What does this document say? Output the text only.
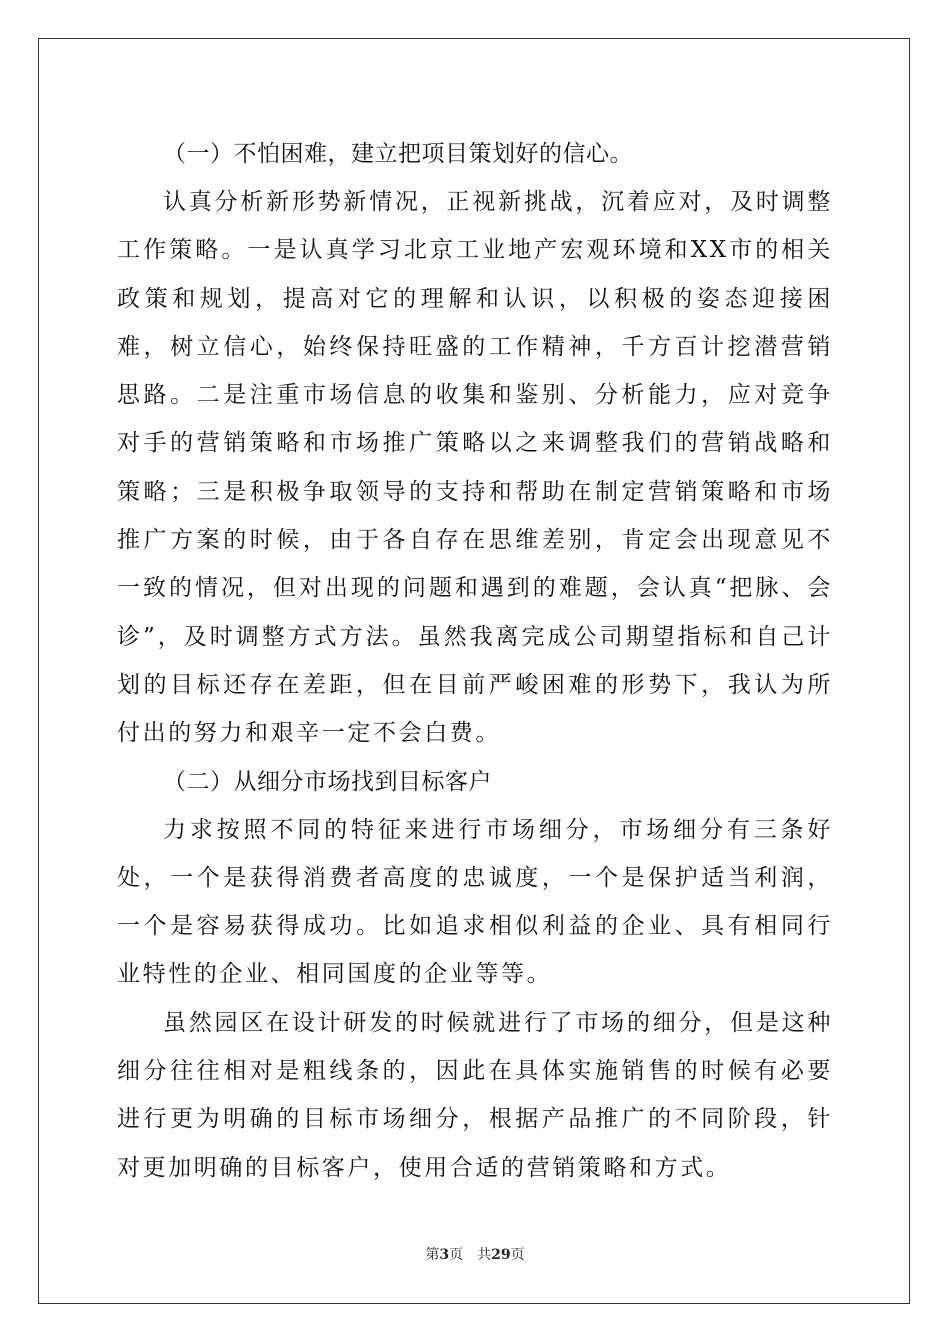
（一）不怕困难，建立把项目策划好的信心。

认真分析新形势新情况，正视新挑战，沉着应对，及时调整工作策略。一是认真学习北京工业地产宏观环境和XX市的相关政策和规划，提高对它的理解和认识，以积极的姿态迎接困难，树立信心，始终保持旺盛的工作精神，千方百计挖潜营销思路。二是注重市场信息的收集和鉴别、分析能力，应对竞争对手的营销策略和市场推广策略以之来调整我们的营销战略和策略；三是积极争取领导的支持和帮助在制定营销策略和市场推广方案的时候，由于各自存在思维差别，肯定会出现意见不一致的情况，但对出现的问题和遇到的难题，会认真“把脉、会诊”，及时调整方式方法。虽然我离完成公司期望指标和自己计划的目标还存在差距，但在目前严峻困难的形势下，我认为所付出的努力和艰辛一定不会白费。

（二）从细分市场找到目标客户

力求按照不同的特征来进行市场细分，市场细分有三条好处，一个是获得消费者高度的忠诚度，一个是保护适当利润，一个是容易获得成功。比如追求相似利益的企业、具有相同行业特性的企业、相同国度的企业等等。

虽然园区在设计研发的时候就进行了市场的细分，但是这种细分往往相对是粗线条的，因此在具体实施销售的时候有必要进行更为明确的目标市场细分，根据产品推广的不同阶段，针对更加明确的目标客户，使用合适的营销策略和方式。

第3页 共29页
